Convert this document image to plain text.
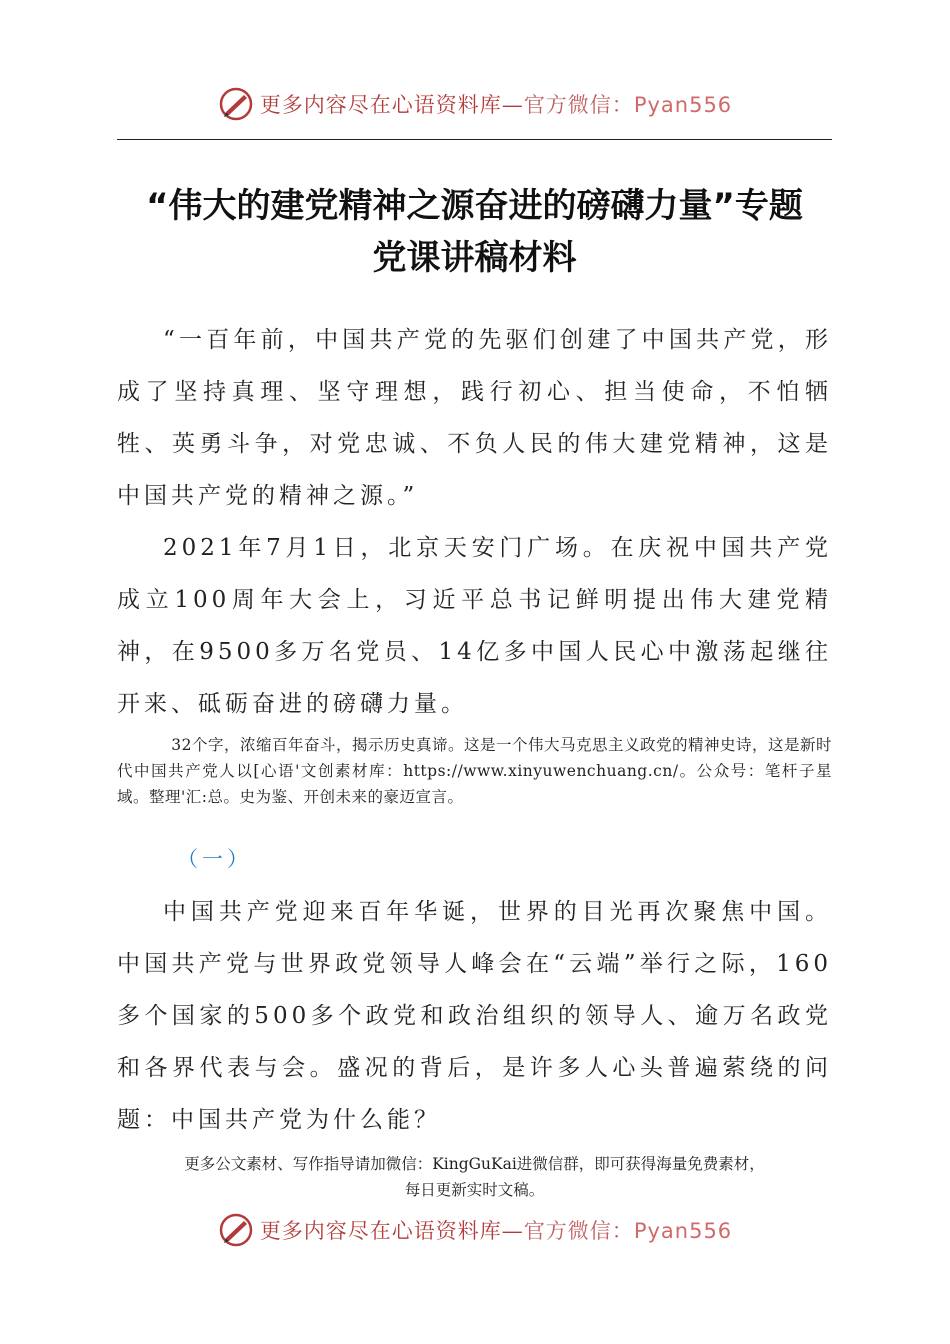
更多内容尽在心语资料库—官方微信：Pyan556
“伟大的建党精神之源奋进的磅礴力量”专题
党课讲稿材料

“一百年前，中国共产党的先驱们创建了中国共产党，形成了坚持真理、坚守理想，践行初心、担当使命，不怕牺牲、英勇斗争，对党忠诚、不负人民的伟大建党精神，这是中国共产党的精神之源。”

2021年7月1日，北京天安门广场。在庆祝中国共产党成立100周年大会上，习近平总书记鲜明提出伟大建党精神，在9500多万名党员、14亿多中国人民心中激荡起继往开来、砥砺奋进的磅礴力量。

32个字，浓缩百年奋斗，揭示历史真谛。这是一个伟大马克思主义政党的精神史诗，这是新时代中国共产党人以[心语'文创素材库：https://www.xinyuwenchuang.cn/。公众号：笔杆子星域。整理'汇:总。史为鉴、开创未来的豪迈宣言。

（一）

中国共产党迎来百年华诞，世界的目光再次聚焦中国。中国共产党与世界政党领导人峰会在“云端”举行之际，160多个国家的500多个政党和政治组织的领导人、逾万名政党和各界代表与会。盛况的背后，是许多人心头普遍萦绕的问题：中国共产党为什么能？

更多公文素材、写作指导请加微信：KingGuKai进微信群，即可获得海量免费素材，
每日更新实时文稿。
更多内容尽在心语资料库—官方微信：Pyan556
